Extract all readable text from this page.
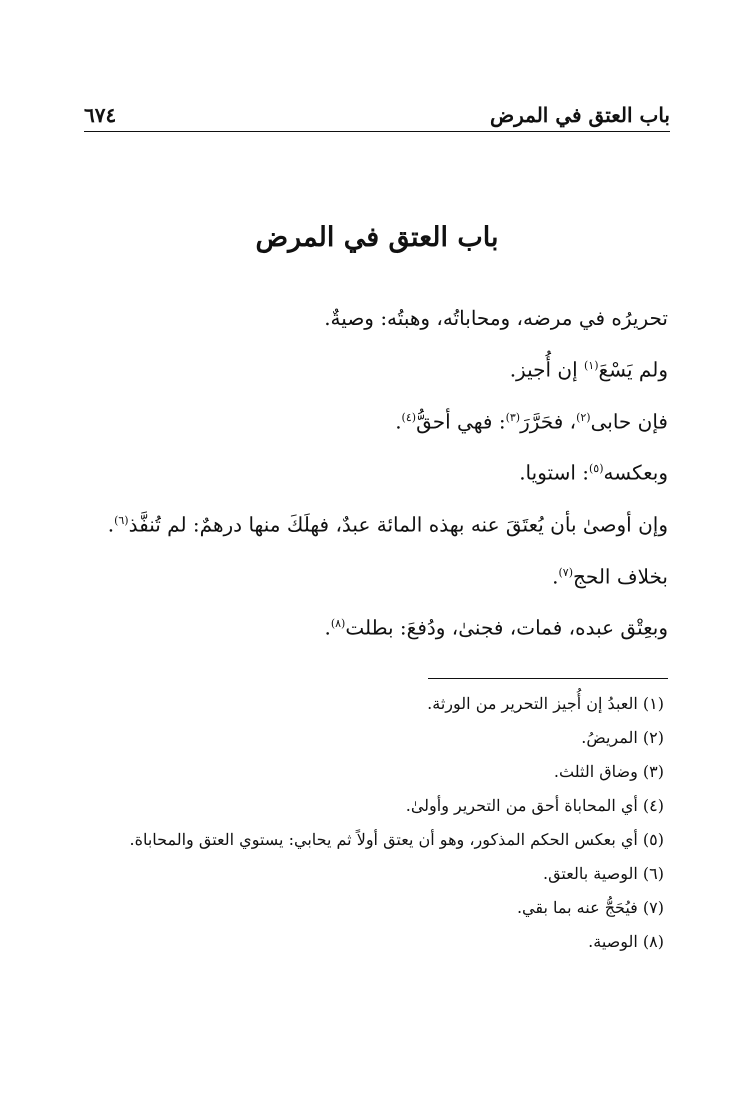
باب العتق في المرض
٦٧٤
باب العتق في المرض

تحريرُه في مرضه، ومحاباتُه، وهبتُه: وصيةٌ.

ولم يَسْعَ$^{(١)}$ إن أُجيز.

فإن حابى$^{(٢)}$، فحَرَّرَ$^{(٣)}$: فهي أحقُّ$^{(٤)}$.

وبعكسه$^{(٥)}$: استويا.

وإن أوصىٰ بأن يُعتَقَ عنه بهذه المائة عبدٌ، فهلَكَ منها درهمٌ: لم تُنفَّذ$^{(٦)}$.

بخلاف الحج$^{(٧)}$.

وبعِتْق عبده، فمات، فجنىٰ، ودُفعَ: بطلت$^{(٨)}$.

(١) العبدُ إن أُجيز التحرير من الورثة.

(٢) المريضُ.

(٣) وضاق الثلث.

(٤) أي المحاباة أحق من التحرير وأولىٰ.

(٥) أي بعكس الحكم المذكور، وهو أن يعتق أولاً ثم يحابي: يستوي العتق والمحاباة.

(٦) الوصية بالعتق.

(٧) فيُحَجُّ عنه بما بقي.

(٨) الوصية.
